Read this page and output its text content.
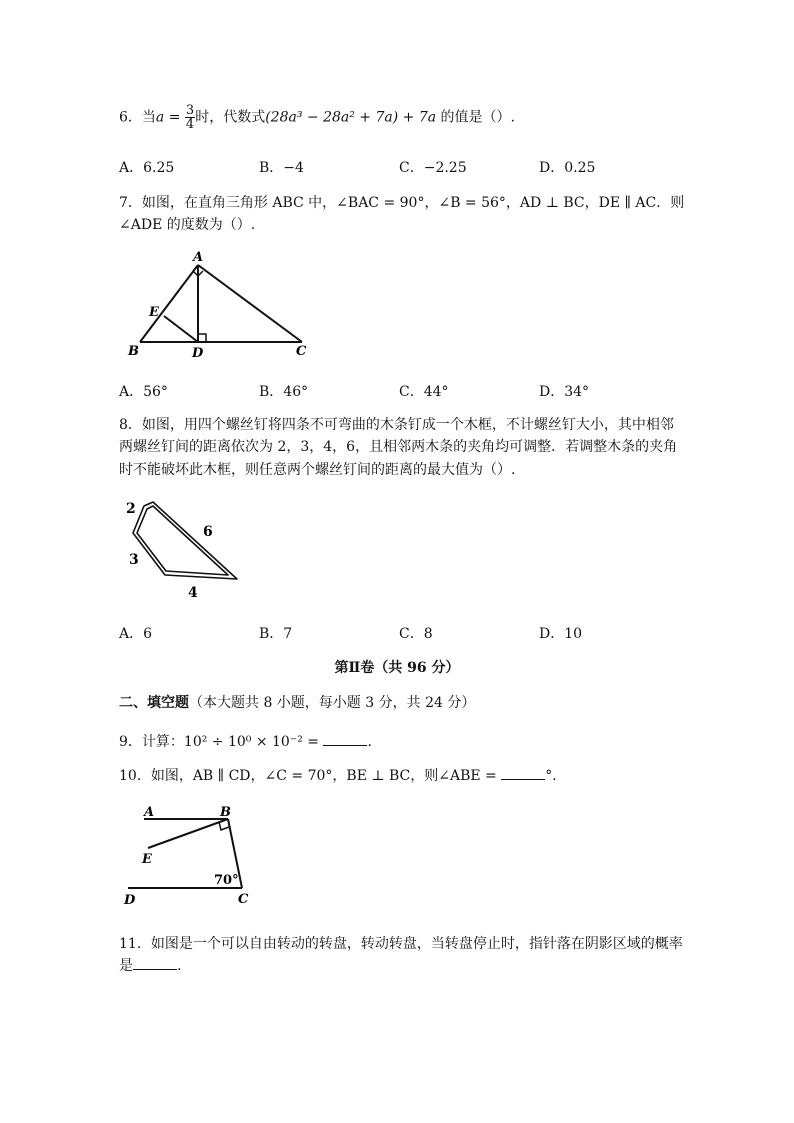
6．当$a = \frac{3}{4}$ 时，代数式(28a³ − 28a² + 7a) + 7a 的值是（）.
A．6.25	B．−4	C．−2.25	D．0.25
7．如图，在直角三角形 ABC 中，∠BAC = 90°，∠B = 56°，AD ⊥ BC，DE ∥ AC．则
∠ADE 的度数为（）.
A
B	D	C
E
A．56°	B．46°	C．44°	D．34°
8．如图，用四个螺丝钉将四条不可弯曲的木条钉成一个木框，不计螺丝钉大小，其中相邻
两螺丝钉间的距离依次为 2，3，4，6，且相邻两木条的夹角均可调整．若调整木条的夹角
时不能破坏此木框，则任意两个螺丝钉间的距离的最大值为（）.
2
3
6
4
A．6	B．7	C．8	D．10
第Ⅱ卷（共 96 分）
二、填空题（本大题共 8 小题，每小题 3 分，共 24 分）
9．计算：10² ÷ 10⁰ × 10⁻² =	.
10．如图，AB ∥ CD，∠C = 70°，BE ⊥ BC，则∠ABE =	°．
A	B
E
70°
C
D
11．如图是一个可以自由转动的转盘，转动转盘，当转盘停止时，指针落在阴影区域的概率
是	.
